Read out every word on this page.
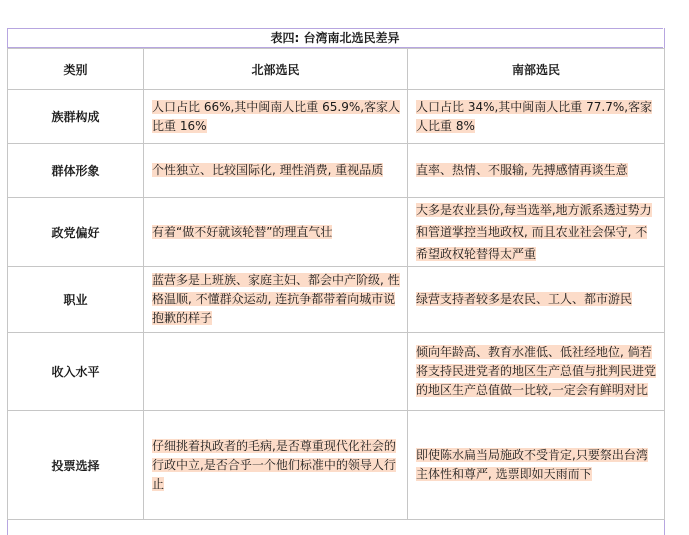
表四: 台湾南北选民差异
类别	北部选民	南部选民
族群构成	人口占比 66%,其中闽南人比重 65.9%,客家人比重 16%	人口占比 34%,其中闽南人比重 77.7%,客家人比重 8%
群体形象	个性独立、比较国际化, 理性消费, 重视品质	直率、热情、不服输, 先搏感情再谈生意
政党偏好	有着“做不好就该轮替”的理直气壮	大多是农业县份,每当选举,地方派系透过势力和管道掌控当地政权, 而且农业社会保守, 不希望政权轮替得太严重
职业	蓝营多是上班族、家庭主妇、都会中产阶级, 性格温顺, 不懂群众运动, 连抗争都带着向城市说抱歉的样子	绿营支持者较多是农民、工人、都市游民
收入水平		倾向年龄高、教育水准低、低社经地位, 倘若将支持民进党者的地区生产总值与批判民进党的地区生产总值做一比较,一定会有鲜明对比
投票选择	仔细挑着执政者的毛病,是否尊重现代化社会的行政中立,是否合乎一个他们标准中的领导人行止	即使陈水扁当局施政不受肯定,只要祭出台湾主体性和尊严, 选票即如天雨而下
